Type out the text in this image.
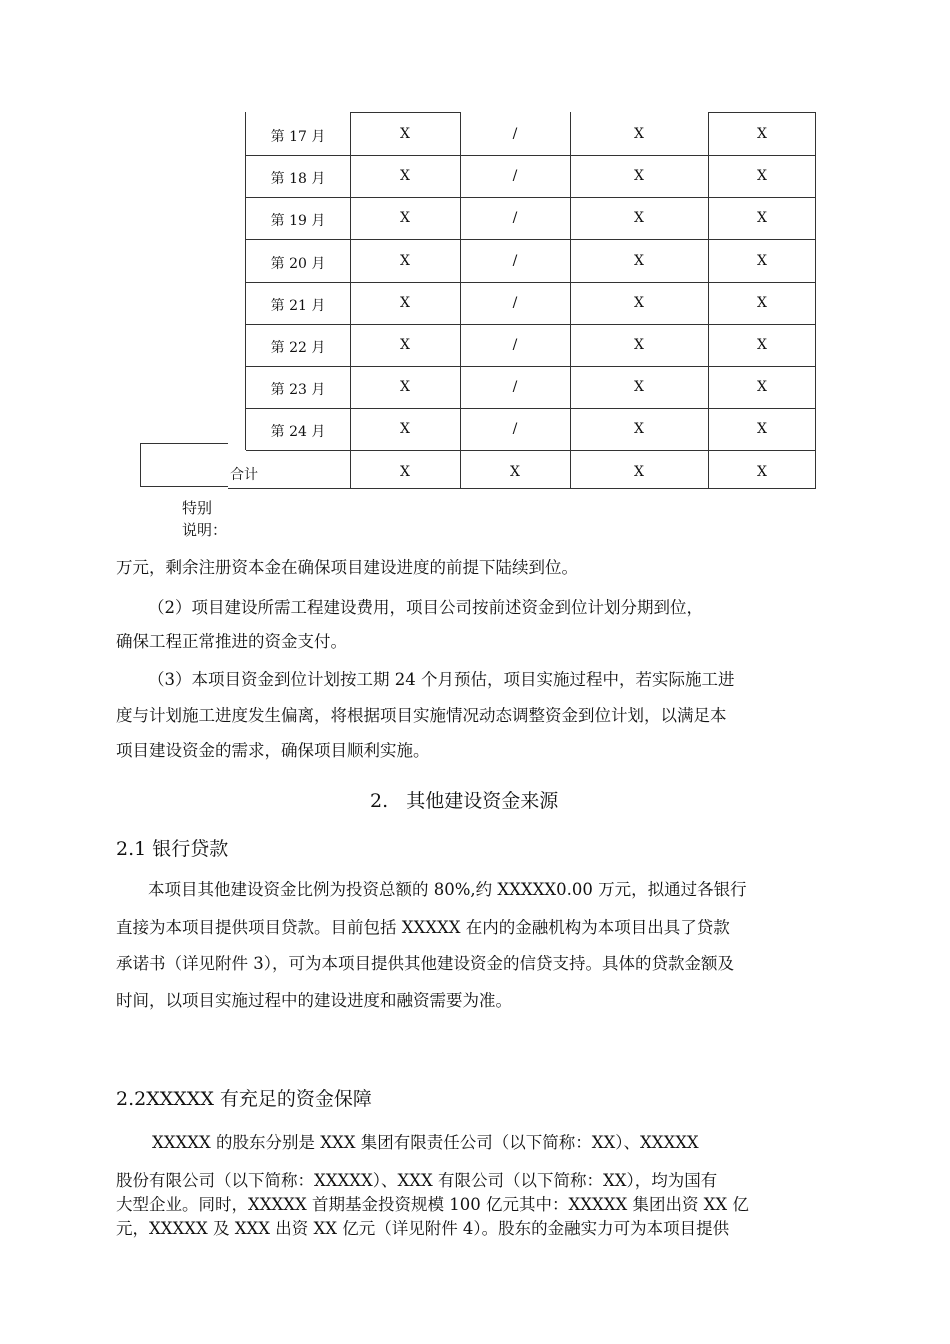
第 17 月	X	/	X	X
第 18 月	X	/	X	X
第 19 月	X	/	X	X
第 20 月	X	/	X	X
第 21 月	X	/	X	X
第 22 月	X	/	X	X
第 23 月	X	/	X	X
第 24 月	X	/	X	X
合计	X	X	X	X
特别
说明：

万元，剩余注册资本金在确保项目建设进度的前提下陆续到位。

（2）项目建设所需工程建设费用，项目公司按前述资金到位计划分期到位，

确保工程正常推进的资金支付。

（3）本项目资金到位计划按工期 24 个月预估，项目实施过程中，若实际施工进

度与计划施工进度发生偏离，将根据项目实施情况动态调整资金到位计划，以满足本

项目建设资金的需求，确保项目顺利实施。

2.   其他建设资金来源
2.1 银行贷款

本项目其他建设资金比例为投资总额的 80%,约 XXXXX0.00 万元，拟通过各银行

直接为本项目提供项目贷款。目前包括 XXXXX 在内的金融机构为本项目出具了贷款

承诺书（详见附件 3），可为本项目提供其他建设资金的信贷支持。具体的贷款金额及

时间，以项目实施过程中的建设进度和融资需要为准。

2.2XXXXX 有充足的资金保障

XXXXX 的股东分别是 XXX 集团有限责任公司（以下简称：XX）、XXXXX

股份有限公司（以下简称：XXXXX）、XXX 有限公司（以下简称：XX），均为国有

大型企业。同时，XXXXX 首期基金投资规模 100 亿元其中：XXXXX 集团出资 XX 亿

元，XXXXX 及 XXX 出资 XX 亿元（详见附件 4）。股东的金融实力可为本项目提供
